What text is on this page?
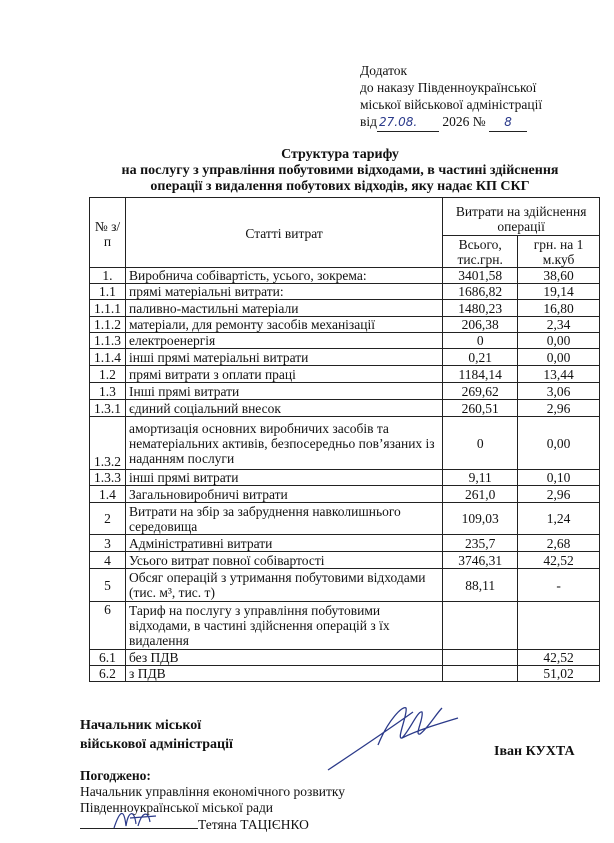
Додаток
до наказу Південноукраїнської
міської військової адміністрації
від 27.08. 2026 № 8
Структура тарифу
на послугу з управління побутовими відходами, в частині здійснення
операції з видалення побутових відходів, яку надає КП СКГ
№ з/п	Статті витрат	Витрати на здійснення операції	
		Всього, тис.грн.	грн. на 1 м.куб
1.	Виробнича собівартість, усього, зокрема:	3401,58	38,60
1.1	прямі матеріальні витрати:	1686,82	19,14
1.1.1	паливно-мастильні матеріали	1480,23	16,80
1.1.2	матеріали, для ремонту засобів механізації	206,38	2,34
1.1.3	електроенергія	0	0,00
1.1.4	інші прямі матеріальні витрати	0,21	0,00
1.2	прямі витрати з оплати праці	1184,14	13,44
1.3	Інші прямі витрати	269,62	3,06
1.3.1	єдиний соціальний внесок	260,51	2,96
1.3.2	амортизація основних виробничих засобів та нематеріальних активів, безпосередньо пов’язаних із наданням послуги	0	0,00
1.3.3	інші прямі витрати	9,11	0,10
1.4	Загальновиробничі витрати	261,0	2,96
2	Витрати на збір за забруднення навколишнього середовища	109,03	1,24
3	Адміністративні витрати	235,7	2,68
4	Усього витрат повної собівартості	3746,31	42,52
5	Обсяг операцій з утримання побутовими відходами (тис. м³, тис. т)	88,11	-
6	Тариф на послугу з управління побутовими відходами, в частині здійснення операцій з їх видалення		
6.1	без ПДВ		42,52
6.2	з ПДВ		51,02
Начальник міської
військової адміністрації	Іван КУХТА
Погоджено:
Начальник управління економічного розвитку
Південноукраїнської міської ради
Тетяна ТАЦІЄНКО
